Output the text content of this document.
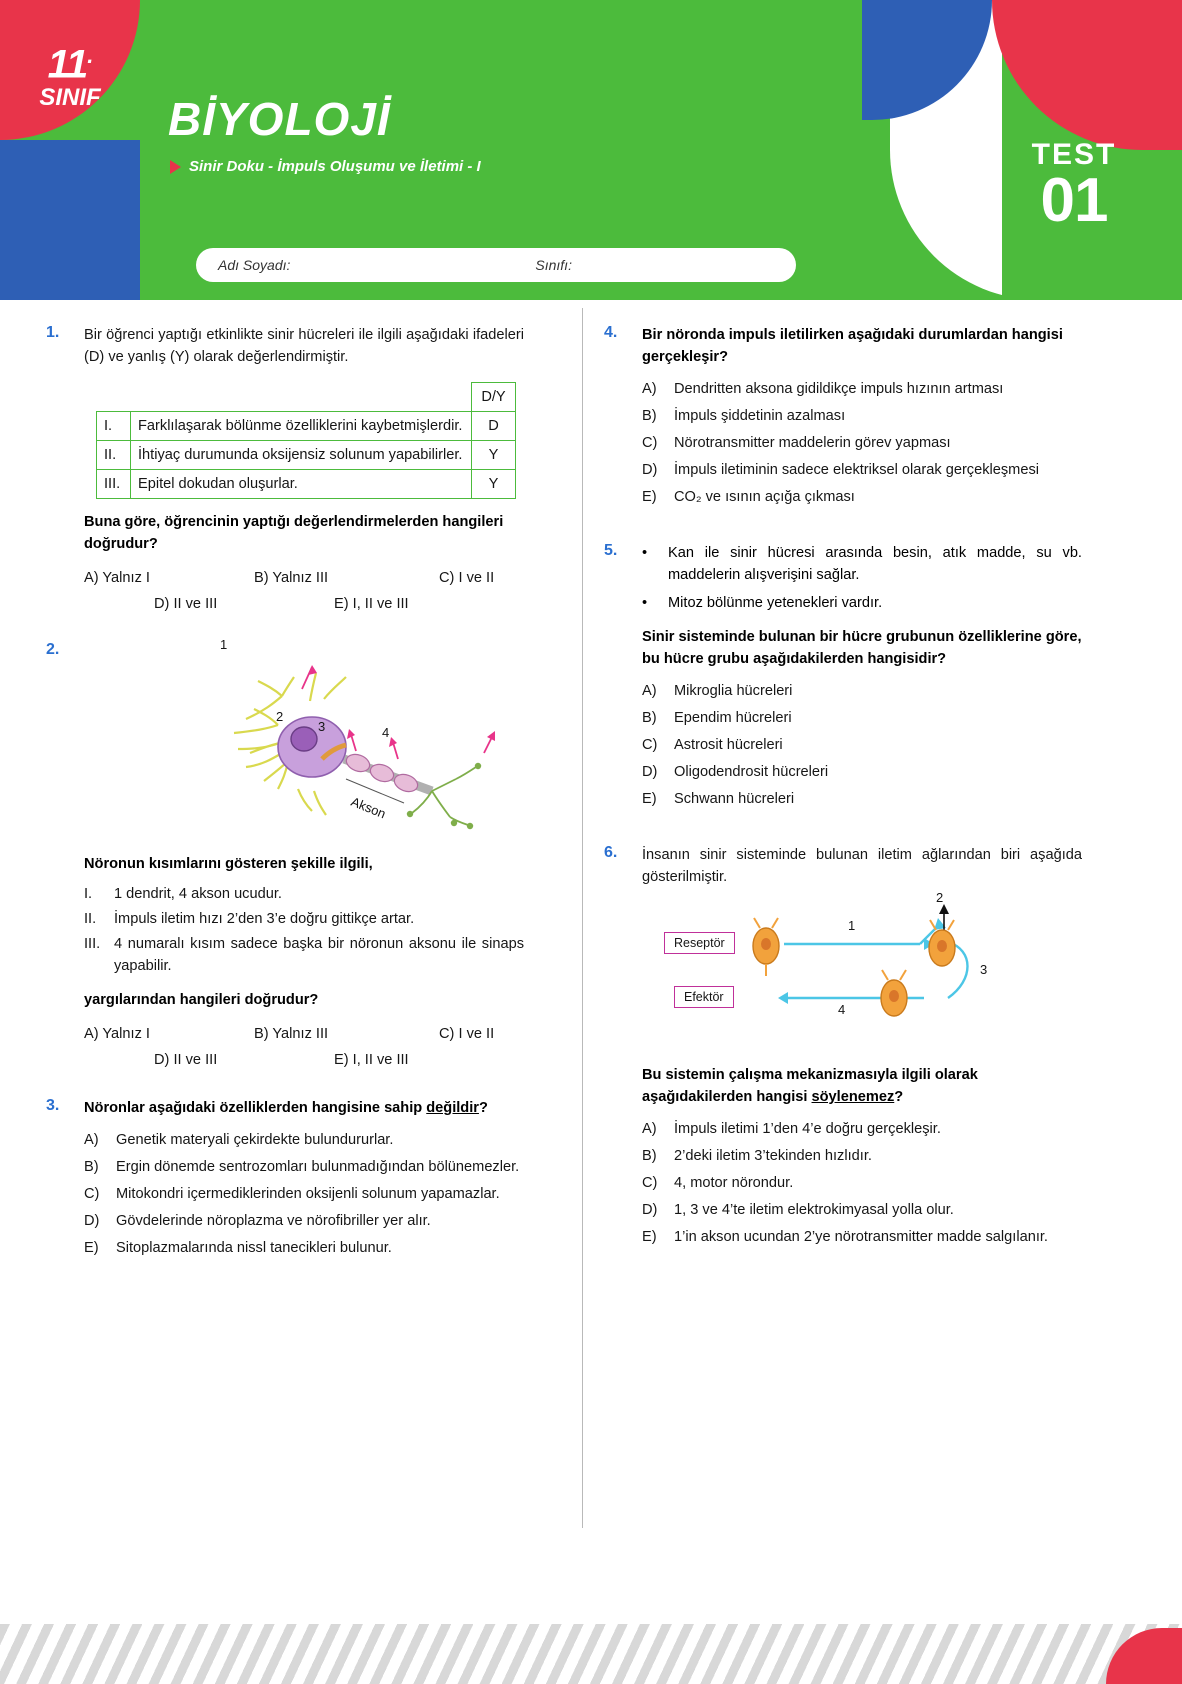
11.
SINIF	BİYOLOJİ
Sinir Doku - İmpuls Oluşumu ve İletimi - I
Adı Soyadı:	Sınıfı:
TEST
01
1. Bir öğrenci yaptığı etkinlikte sinir hücreleri ile ilgili aşağıdaki ifadeleri (D) ve yanlış (Y) olarak değerlendirmiştir.
		D/Y
I.	Farklılaşarak bölünme özelliklerini kaybetmişlerdir.	D
II.	İhtiyaç durumunda oksijensiz solunum yapabilirler.	Y
III.	Epitel dokudan oluşurlar.	Y
Buna göre, öğrencinin yaptığı değerlendirmelerden hangileri doğrudur?
A) Yalnız I	B) Yalnız III	C) I ve II
D) II ve III	E) I, II ve III
2.
Akson
1
2
3	4
Nöronun kısımlarını gösteren şekille ilgili,
I.	1 dendrit, 4 akson ucudur.
II.	İmpuls iletim hızı 2’den 3’e doğru gittikçe artar.
III. 4 numaralı kısım sadece başka bir nöronun aksonu ile sinaps yapabilir.
yargılarından hangileri doğrudur?
A) Yalnız I	B) Yalnız III	C) I ve II
D) II ve III	E) I, II ve III
3. Nöronlar aşağıdaki özelliklerden hangisine sahip değildir?
A)	Genetik materyali çekirdekte bulundururlar.
B)	Ergin dönemde sentrozomları bulunmadığından bölünemezler.
C)	Mitokondri içermediklerinden oksijenli solunum yapamazlar.
D)	Gövdelerinde nöroplazma ve nörofibriller yer alır.
E)	Sitoplazmalarında nissl tanecikleri bulunur.
4. Bir nöronda impuls iletilirken aşağıdaki durumlardan hangisi gerçekleşir?
A)	Dendritten aksona gidildikçe impuls hızının artması
B)	İmpuls şiddetinin azalması
C)	Nörotransmitter maddelerin görev yapması
D)	İmpuls iletiminin sadece elektriksel olarak gerçekleşmesi
E)	CO₂ ve ısının açığa çıkması
5. •	Kan ile sinir hücresi arasında besin, atık madde, su vb. maddelerin alışverişini sağlar.
•	Mitoz bölünme yetenekleri vardır.
Sinir sisteminde bulunan bir hücre grubunun özelliklerine göre, bu hücre grubu aşağıdakilerden hangisidir?
A)	Mikroglia hücreleri
B)	Ependim hücreleri
C)	Astrosit hücreleri
D)	Oligodendrosit hücreleri
E)	Schwann hücreleri
6. İnsanın sinir sisteminde bulunan iletim ağlarından biri aşağıda gösterilmiştir.
Reseptör
Efektör
1
2
3
4
Bu sistemin çalışma mekanizmasıyla ilgili olarak aşağıdakilerden hangisi söylenemez?
A)	İmpuls iletimi 1’den 4’e doğru gerçekleşir.
B)	2’deki iletim 3’tekinden hızlıdır.
C)	4, motor nörondur.
D)	1, 3 ve 4’te iletim elektrokimyasal yolla olur.
E)	1’in akson ucundan 2’ye nörotransmitter madde salgılanır.
